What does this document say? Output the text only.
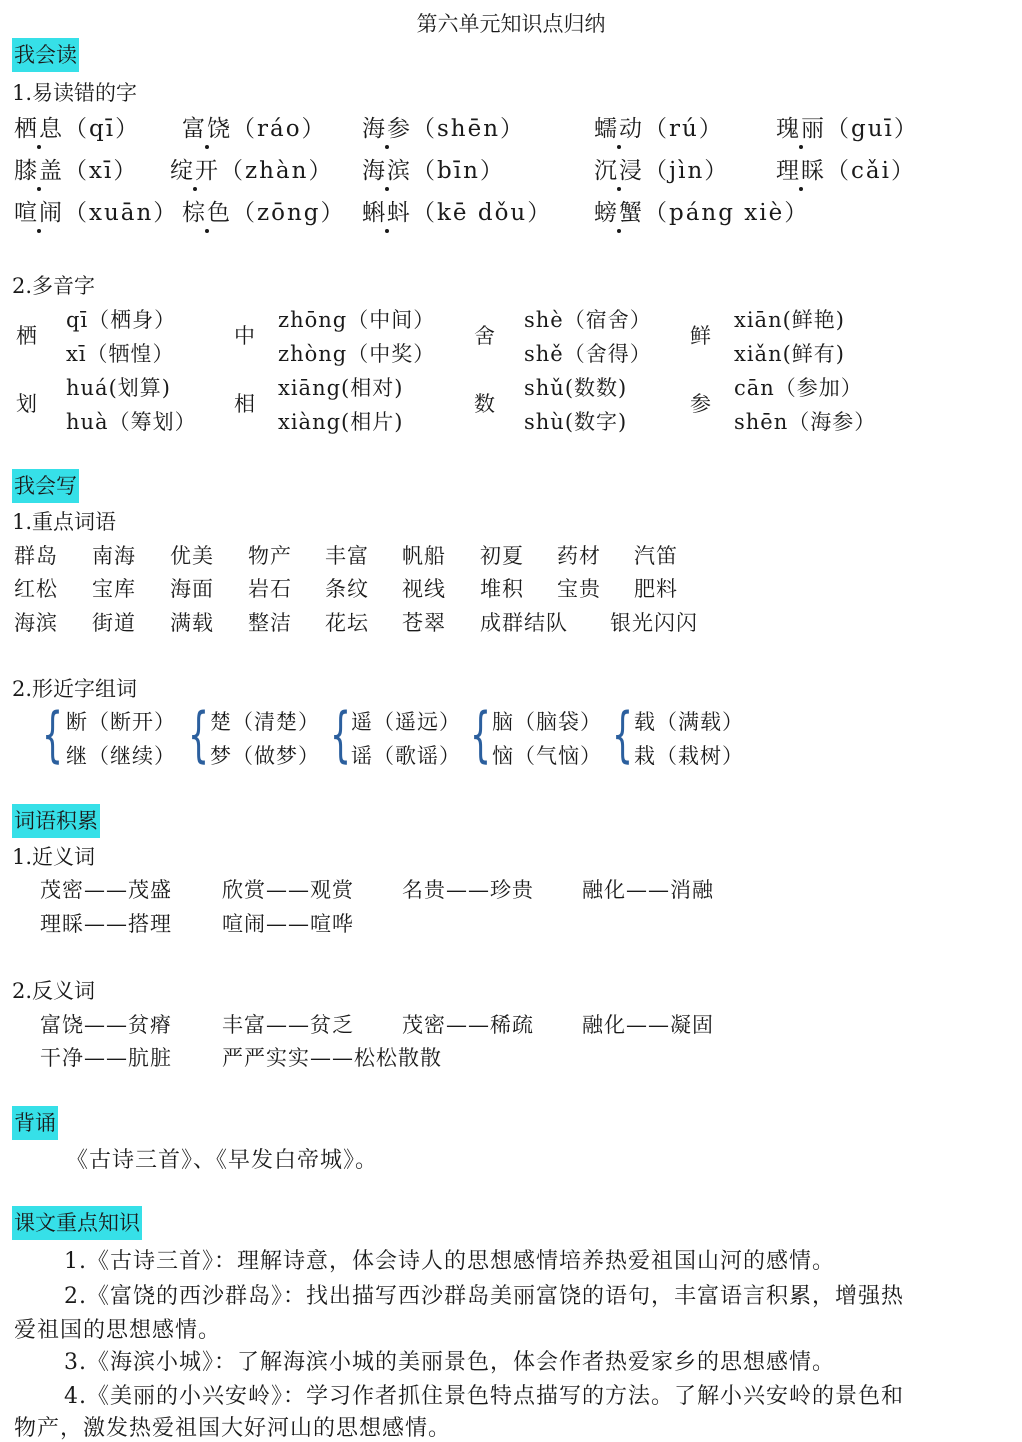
第六单元知识点归纳
我会读
1.易读错的字
栖息（qī） 富饶（ráo） 海参（shēn）	蠕动（rú） 瑰丽（guī）
膝盖（xī） 绽开（zhàn） 海滨（bīn）	沉浸（jìn） 理睬（cǎi）
喧闹（xuān） 棕色（zōng） 蝌蚪（kē dǒu） 螃蟹（páng xiè）
2.多音字
栖
qī（栖身）
xī（牺惶）
中
zhōng（中间）
zhòng（中奖）
舍
shè（宿舍）
shě（舍得）
鲜
xiān(鲜艳)
xiǎn(鲜有)
划
huá(划算)
huà（筹划）
相
xiāng(相对)
xiàng(相片)
数
shǔ(数数)
shù(数字)
参
cān（参加）
shēn（海参）
我会写
1.重点词语
群岛 南海 优美 物产 丰富 帆船 初夏 药材 汽笛
红松 宝库 海面 岩石 条纹 视线 堆积 宝贵 肥料
海滨 街道 满载 整洁 花坛 苍翠 成群结队 银光闪闪
2.形近字组词
{ 断（断开）
继（继续） { 楚（清楚）
梦（做梦） { 遥（遥远）
谣（歌谣） { 脑（脑袋）
恼（气恼） { 载（满载）
栽（栽树）
词语积累
1.近义词
茂密——茂盛 欣赏——观赏 名贵——珍贵 融化——消融
理睬——搭理 喧闹——喧哗
2.反义词
富饶——贫瘠 丰富——贫乏 茂密——稀疏 融化——凝固
干净——肮脏 严严实实——松松散散
背诵
《古诗三首》、《早发白帝城》。
课文重点知识
1.《古诗三首》：理解诗意，体会诗人的思想感情培养热爱祖国山河的感情。
2.《富饶的西沙群岛》：找出描写西沙群岛美丽富饶的语句，丰富语言积累，增强热
爱祖国的思想感情。
3.《海滨小城》：了解海滨小城的美丽景色，体会作者热爱家乡的思想感情。
4.《美丽的小兴安岭》：学习作者抓住景色特点描写的方法。了解小兴安岭的景色和
物产，激发热爱祖国大好河山的思想感情。
